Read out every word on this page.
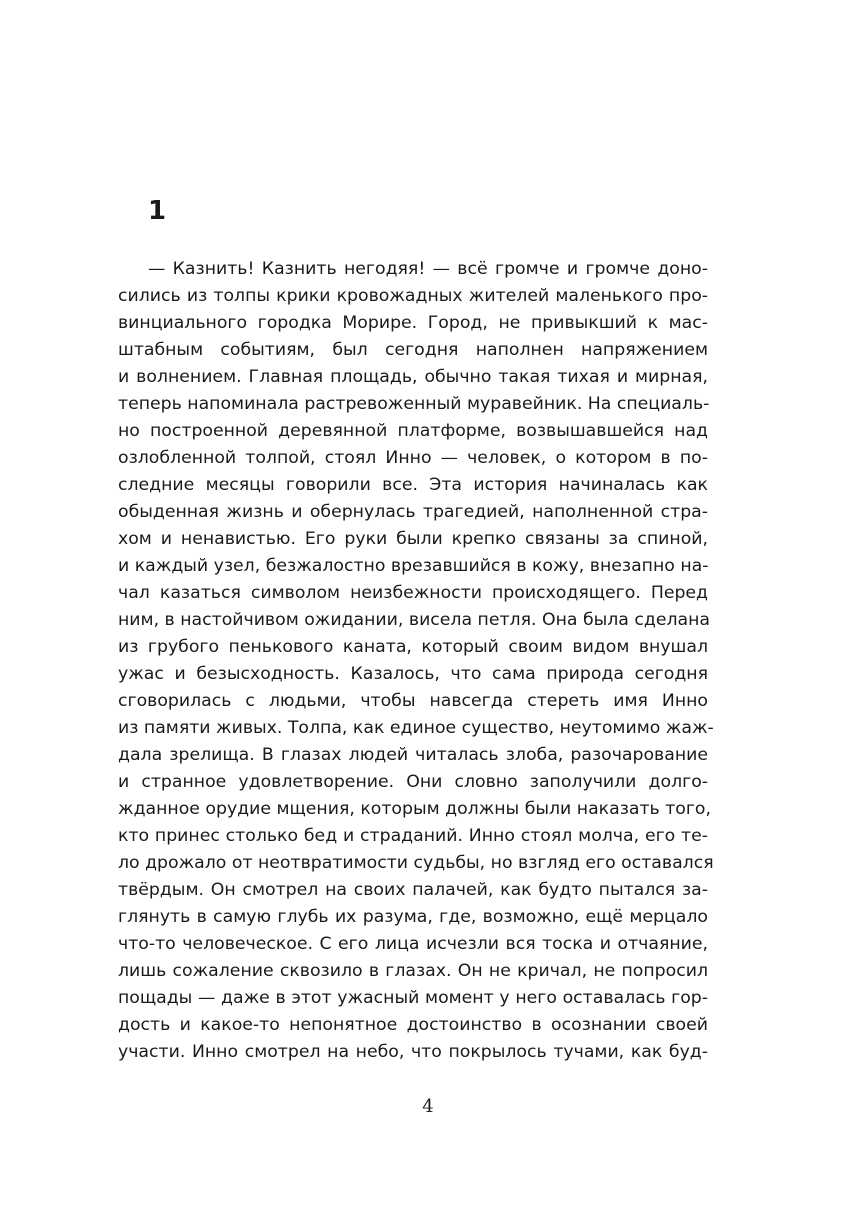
1
— Казнить! Казнить негодяя! — всё громче и громче доно-
сились из толпы крики кровожадных жителей маленького про-
винциального городка Морире. Город, не привыкший к мас-
штабным событиям, был сегодня наполнен напряжением
и волнением. Главная площадь, обычно такая тихая и мирная,
теперь напоминала растревоженный муравейник. На специаль-
но построенной деревянной платформе, возвышавшейся над
озлобленной толпой, стоял Инно — человек, о котором в по-
следние месяцы говорили все. Эта история начиналась как
обыденная жизнь и обернулась трагедией, наполненной стра-
хом и ненавистью. Его руки были крепко связаны за спиной,
и каждый узел, безжалостно врезавшийся в кожу, внезапно на-
чал казаться символом неизбежности происходящего. Перед
ним, в настойчивом ожидании, висела петля. Она была сделана
из грубого пенькового каната, который своим видом внушал
ужас и безысходность. Казалось, что сама природа сегодня
сговорилась с людьми, чтобы навсегда стереть имя Инно
из памяти живых. Толпа, как единое существо, неутомимо жаж-
дала зрелища. В глазах людей читалась злоба, разочарование
и странное удовлетворение. Они словно заполучили долго-
жданное орудие мщения, которым должны были наказать того,
кто принес столько бед и страданий. Инно стоял молча, его те-
ло дрожало от неотвратимости судьбы, но взгляд его оставался
твёрдым. Он смотрел на своих палачей, как будто пытался за-
глянуть в самую глубь их разума, где, возможно, ещё мерцало
что-то человеческое. С его лица исчезли вся тоска и отчаяние,
лишь сожаление сквозило в глазах. Он не кричал, не попросил
пощады — даже в этот ужасный момент у него оставалась гор-
дость и какое-то непонятное достоинство в осознании своей
участи. Инно смотрел на небо, что покрылось тучами, как буд-
4
